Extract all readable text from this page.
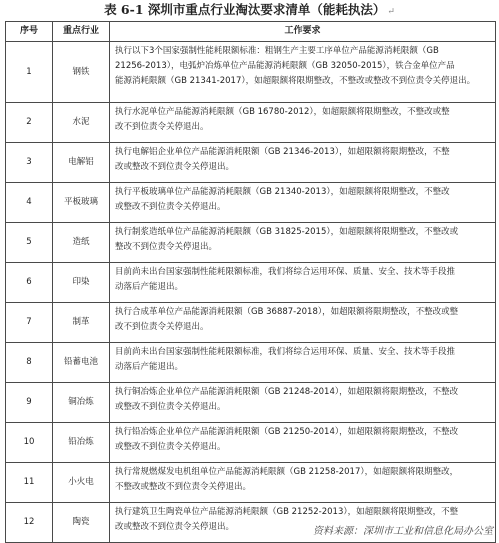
表 6-1 深圳市重点行业淘汰要求清单（能耗执法） ↵
序号	重点行业	工作要求
1	钢铁	执行以下3个国家强制性能耗限额标准：粗钢生产主要工序单位产品能源消耗限额（GB
21256-2013），电弧炉冶炼单位产品能源消耗限额（GB 32050-2015），铁合金单位产品
能源消耗限额（GB 21341-2017），如超限额将限期整改，不整改或整改不到位责令关停退出。

2	水泥	执行水泥单位产品能源消耗限额（GB 16780-2012），如超限额将限期整改，不整改或整
改不到位责令关停退出。

3	电解铝	执行电解铝企业单位产品能源消耗限额（GB 21346-2013），如超限额将限期整改，不整
改或整改不到位责令关停退出。

4	平板玻璃	执行平板玻璃单位产品能源消耗限额（GB 21340-2013），如超限额将限期整改，不整改
或整改不到位责令关停退出。

5	造纸	执行制浆造纸单位产品能源消耗限额（GB 31825-2015），如超限额将限期整改，不整改或
整改不到位责令关停退出。

6	印染	目前尚未出台国家强制性能耗限额标准，我们将综合运用环保、质量、安全、技术等手段推
动落后产能退出。

7	制革	执行合成革单位产品能源消耗限额（GB 36887-2018），如超限额将限期整改，不整改或整
改不到位责令关停退出。

8	铅蓄电池	目前尚未出台国家强制性能耗限额标准，我们将综合运用环保、质量、安全、技术等手段推
动落后产能退出。

9	铜冶炼	执行铜冶炼企业单位产品能源消耗限额（GB 21248-2014），如超限额将限期整改，不整改
或整改不到位责令关停退出。

10	铅冶炼	执行铅冶炼企业单位产品能源消耗限额（GB 21250-2014），如超限额将限期整改，不整改
或整改不到位责令关停退出。

11	小火电	执行常规燃煤发电机组单位产品能源消耗限额（GB 21258-2017），如超限额将限期整改，
不整改或整改不到位责令关停退出。

12	陶瓷	执行建筑卫生陶瓷单位产品能源消耗限额（GB 21252-2013），如超限额将限期整改，不整
改或整改不到位责令关停退出。	资料来源：深圳市工业和信息化局办公室
